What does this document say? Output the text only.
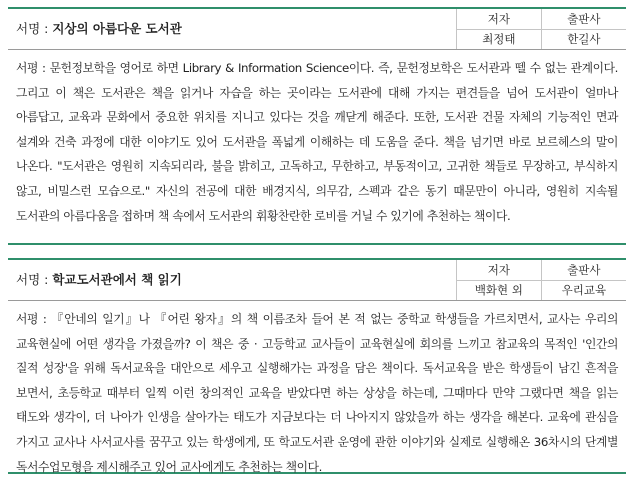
서명 : 지상의 아름다운 도서관
저자	출판사
최정태	한길사

서평 : 문헌정보학을 영어로 하면 Library & Information Science이다. 즉, 문헌정보학은 도서관과 뗄 수 없는 관계이다. 그리고 이 책은 도서관은 책을 읽거나 자습을 하는 곳이라는 도서관에 대해 가지는 편견들을 넘어 도서관이 얼마나 아름답고, 교육과 문화에서 중요한 위치를 지니고 있다는 것을 깨닫게 해준다. 또한, 도서관 건물 자체의 기능적인 면과 설계와 건축 과정에 대한 이야기도 있어 도서관을 폭넓게 이해하는 데 도움을 준다. 책을 넘기면 바로 보르헤스의 말이 나온다. "도서관은 영원히 지속되리라, 불을 밝히고, 고독하고, 무한하고, 부동적이고, 고귀한 책들로 무장하고, 부식하지 않고, 비밀스런 모습으로." 자신의 전공에 대한 배경지식, 의무감, 스펙과 같은 동기 때문만이 아니라, 영원히 지속될 도서관의 아름다움을 접하며 책 속에서 도서관의 휘황찬란한 로비를 거닐 수 있기에 추천하는 책이다.

서명 : 학교도서관에서 책 읽기
저자	출판사
백화현 외	우리교육

서평 : 『안네의 일기』나 『어린 왕자』의 책 이름조차 들어 본 적 없는 중학교 학생들을 가르치면서, 교사는 우리의 교육현실에 어떤 생각을 가졌을까? 이 책은 중 · 고등학교 교사들이 교육현실에 회의를 느끼고 참교육의 목적인 '인간의 질적 성장'을 위해 독서교육을 대안으로 세우고 실행해가는 과정을 담은 책이다. 독서교육을 받은 학생들이 남긴 흔적을 보면서, 초등학교 때부터 일찍 이런 창의적인 교육을 받았다면 하는 상상을 하는데, 그때마다 만약 그랬다면 책을 읽는 태도와 생각이, 더 나아가 인생을 살아가는 태도가 지금보다는 더 나아지지 않았을까 하는 생각을 해본다. 교육에 관심을 가지고 교사나 사서교사를 꿈꾸고 있는 학생에게, 또 학교도서관 운영에 관한 이야기와 실제로 실행해온 36차시의 단계별 독서수업모형을 제시해주고 있어 교사에게도 추천하는 책이다.
